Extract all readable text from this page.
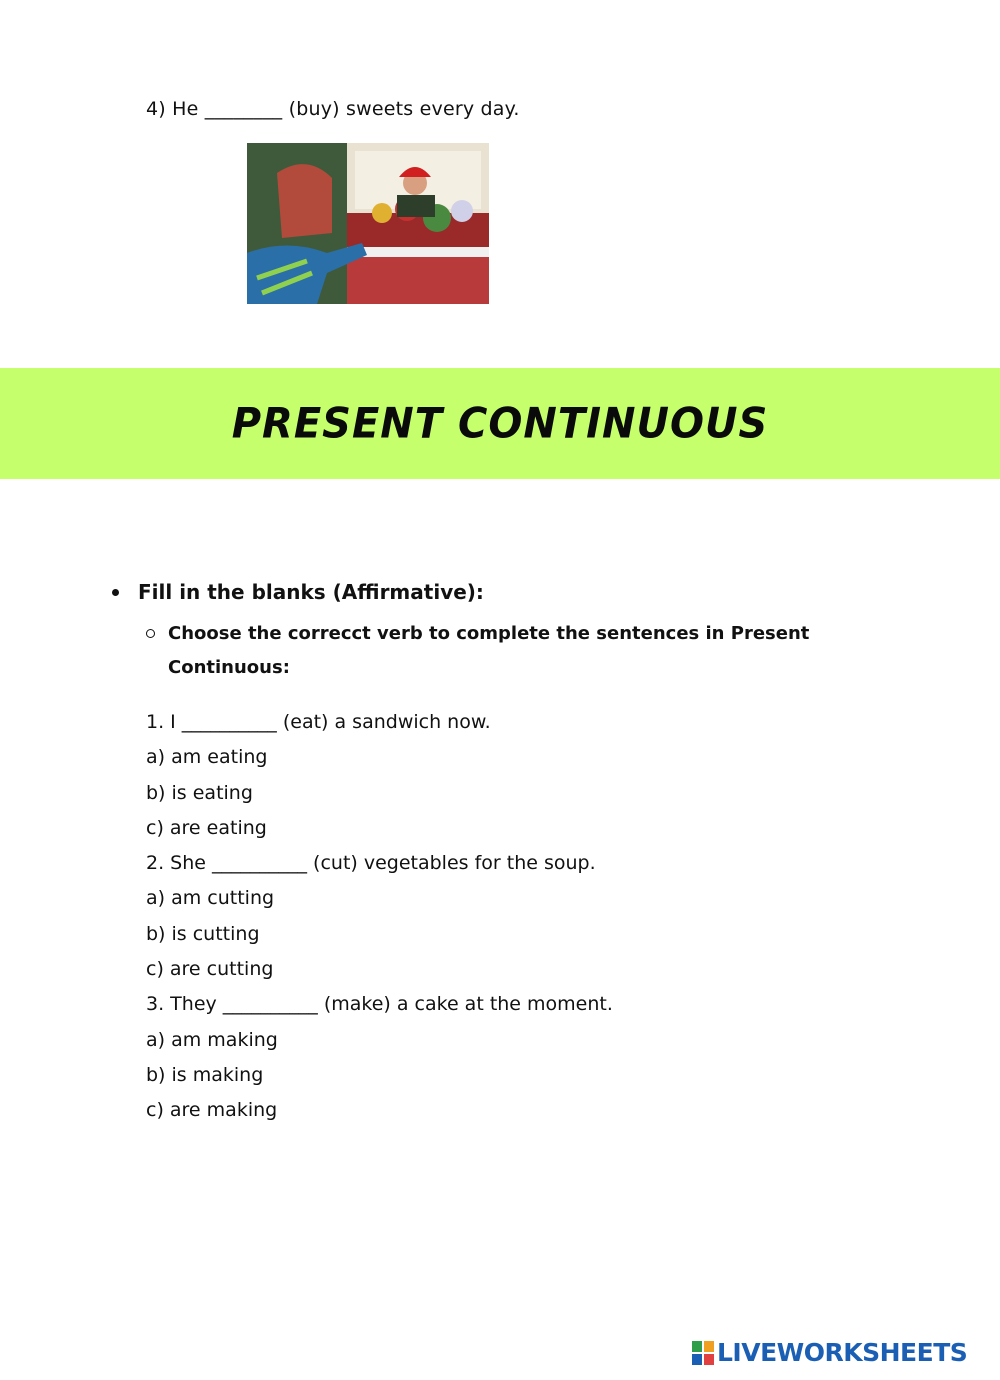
4) He ________ (buy) sweets every day.
PRESENT CONTINUOUS
Fill in the blanks (Affirmative):
Choose the correcct verb to complete the sentences in Present Continuous:
1. I __________ (eat) a sandwich now.
a) am eating
b) is eating
c) are eating
2. She __________ (cut) vegetables for the soup.
a) am cutting
b) is cutting
c) are cutting
3. They __________ (make) a cake at the moment.
a) am making
b) is making
c) are making
LIVEWORKSHEETS
